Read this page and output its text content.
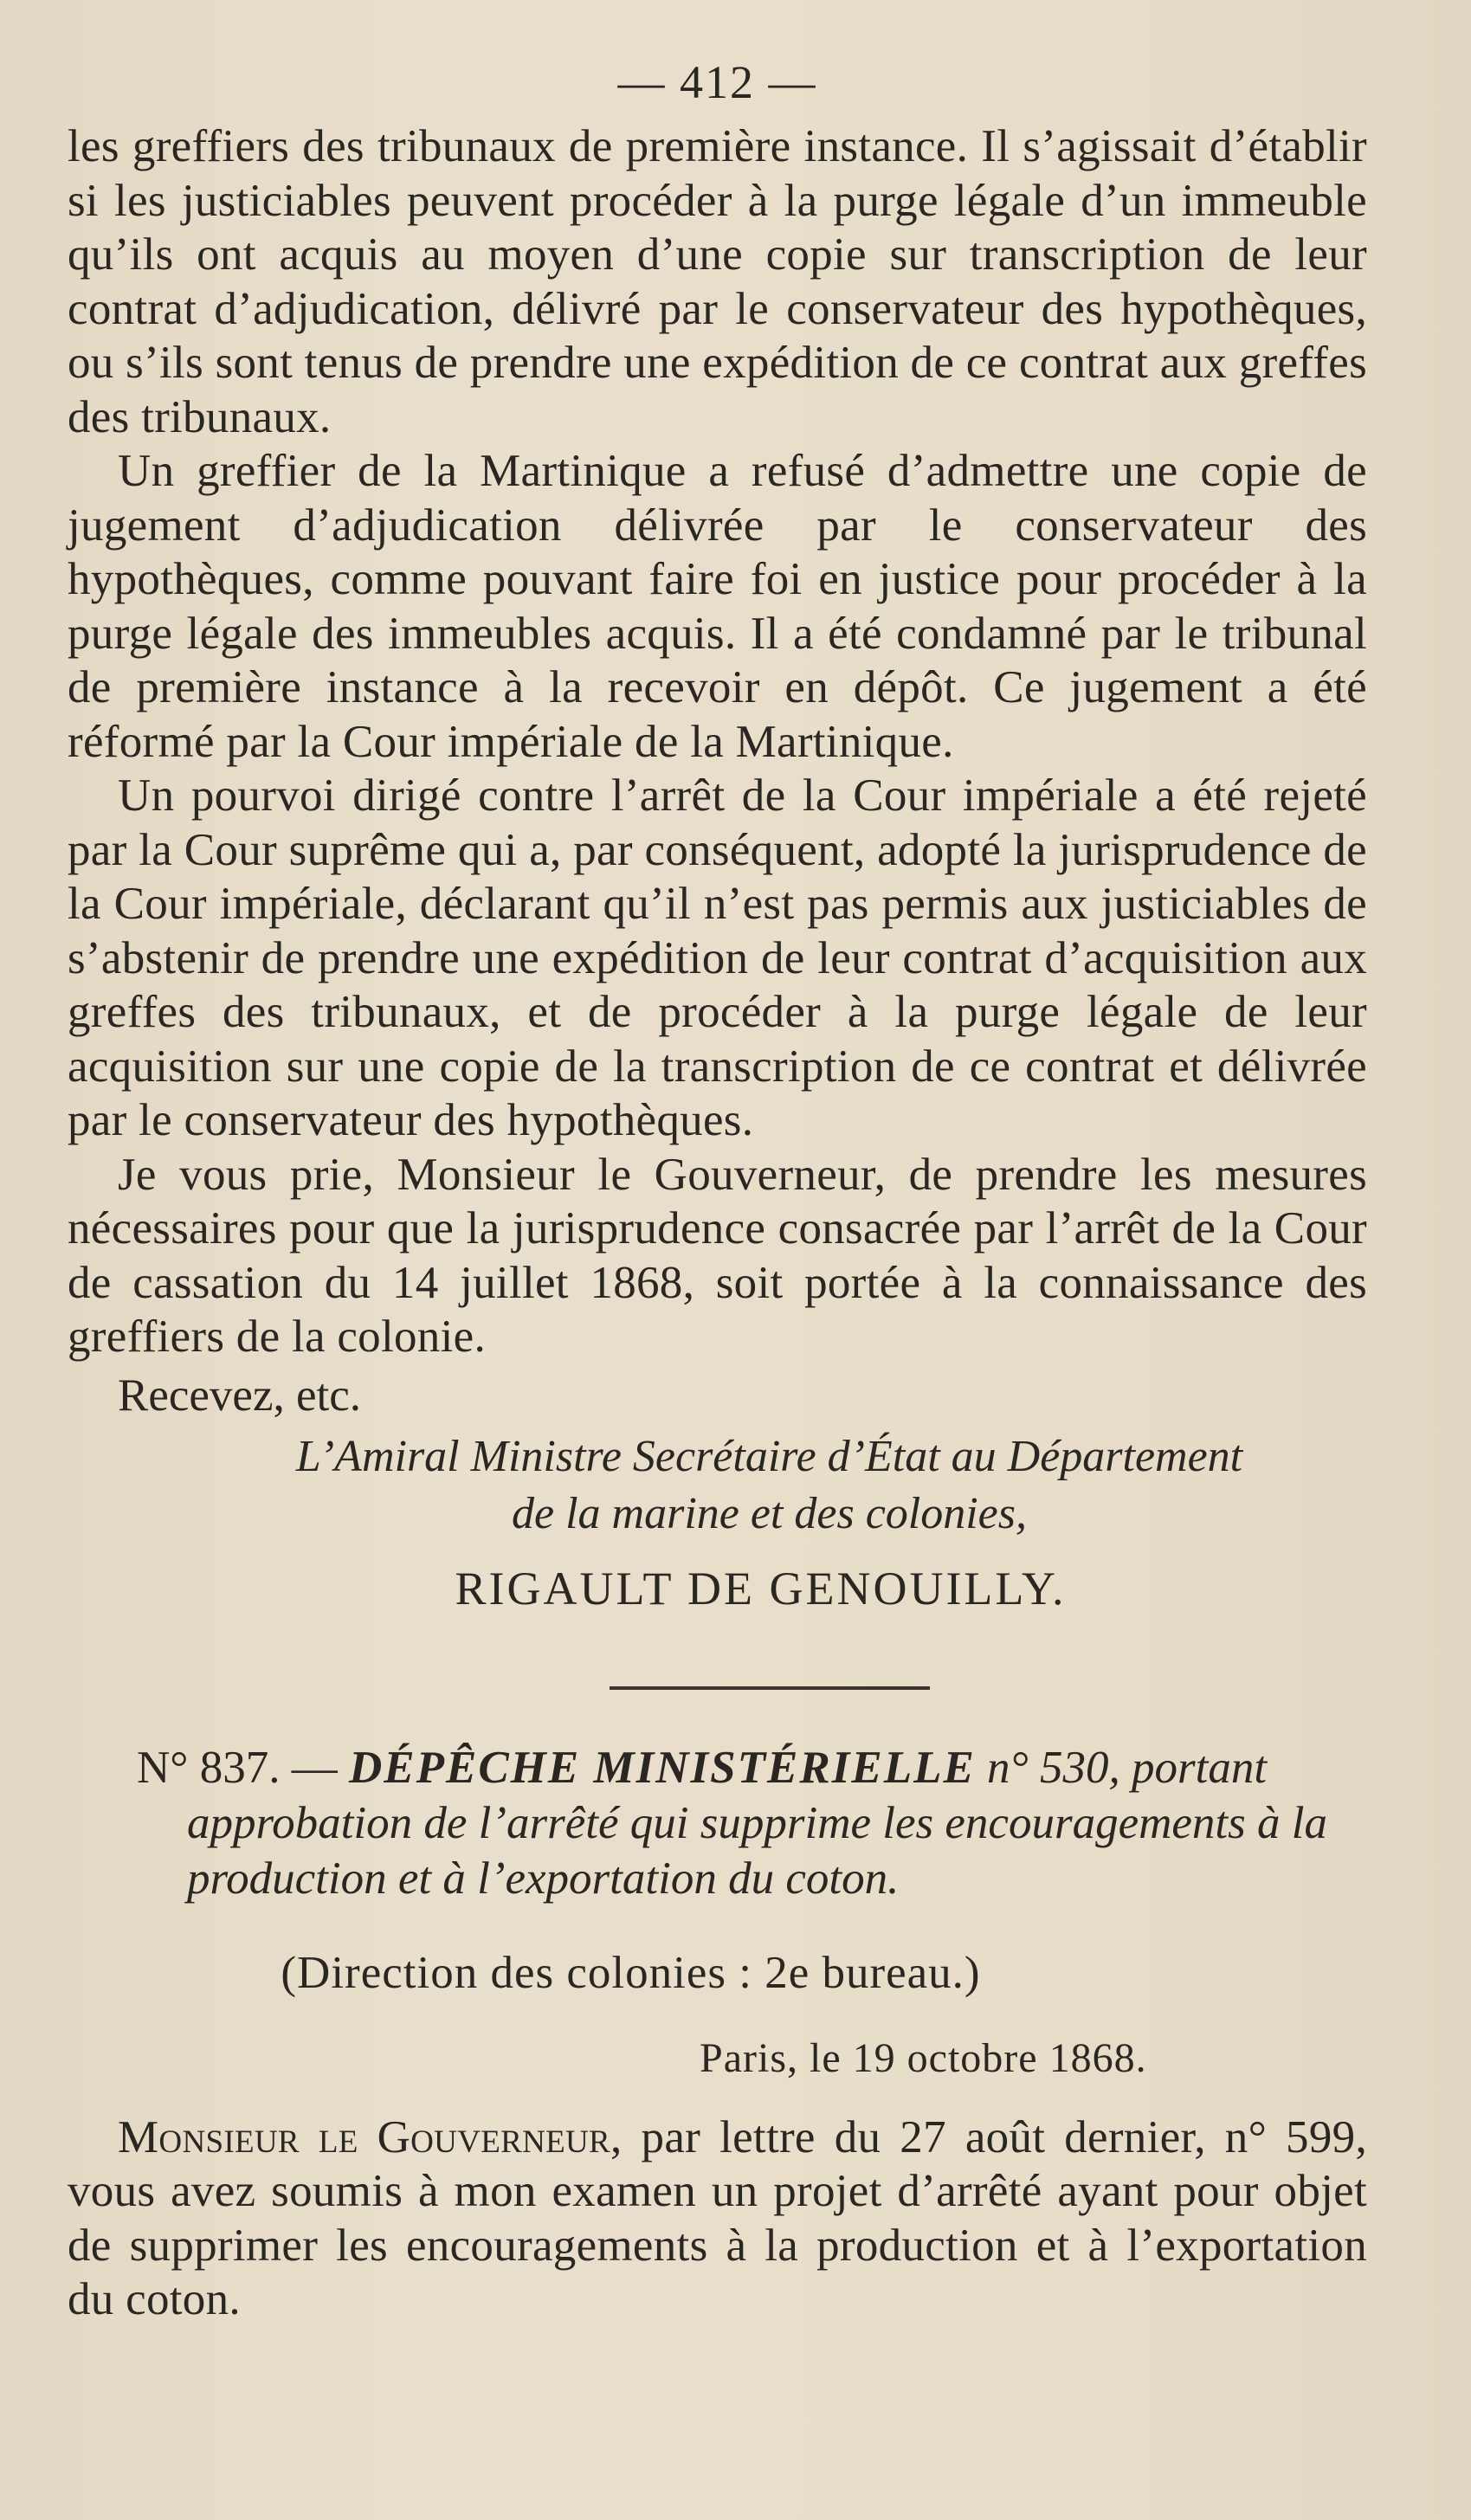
— 412 —

les greffiers des tribunaux de première instance. Il s’agissait d’établir si les justiciables peuvent procéder à la purge légale d’un immeuble qu’ils ont acquis au moyen d’une copie sur transcription de leur contrat d’adjudication, délivré par le conservateur des hypothèques, ou s’ils sont tenus de prendre une expédition de ce contrat aux greffes des tribunaux.

Un greffier de la Martinique a refusé d’admettre une copie de jugement d’adjudication délivrée par le conservateur des hypothèques, comme pouvant faire foi en justice pour procéder à la purge légale des immeubles acquis. Il a été condamné par le tribunal de première instance à la recevoir en dépôt. Ce jugement a été réformé par la Cour impériale de la Martinique.

Un pourvoi dirigé contre l’arrêt de la Cour impériale a été rejeté par la Cour suprême qui a, par conséquent, adopté la jurisprudence de la Cour impériale, déclarant qu’il n’est pas permis aux justiciables de s’abstenir de prendre une expédition de leur contrat d’acquisition aux greffes des tribunaux, et de procéder à la purge légale de leur acquisition sur une copie de la transcription de ce contrat et délivrée par le conservateur des hypothèques.

Je vous prie, Monsieur le Gouverneur, de prendre les mesures nécessaires pour que la jurisprudence consacrée par l’arrêt de la Cour de cassation du 14 juillet 1868, soit portée à la connaissance des greffiers de la colonie.

Recevez, etc.

L’Amiral Ministre Secrétaire d’État au Département
de la marine et des colonies,

RIGAULT DE GENOUILLY.

N° 837. — DÉPÊCHE MINISTÉRIELLE n° 530, portant approbation de l’arrêté qui supprime les encouragements à la production et à l’exportation du coton.

(Direction des colonies : 2e bureau.)

Paris, le 19 octobre 1868.

Monsieur le Gouverneur, par lettre du 27 août dernier, n° 599, vous avez soumis à mon examen un projet d’arrêté ayant pour objet de supprimer les encouragements à la production et à l’exportation du coton.
